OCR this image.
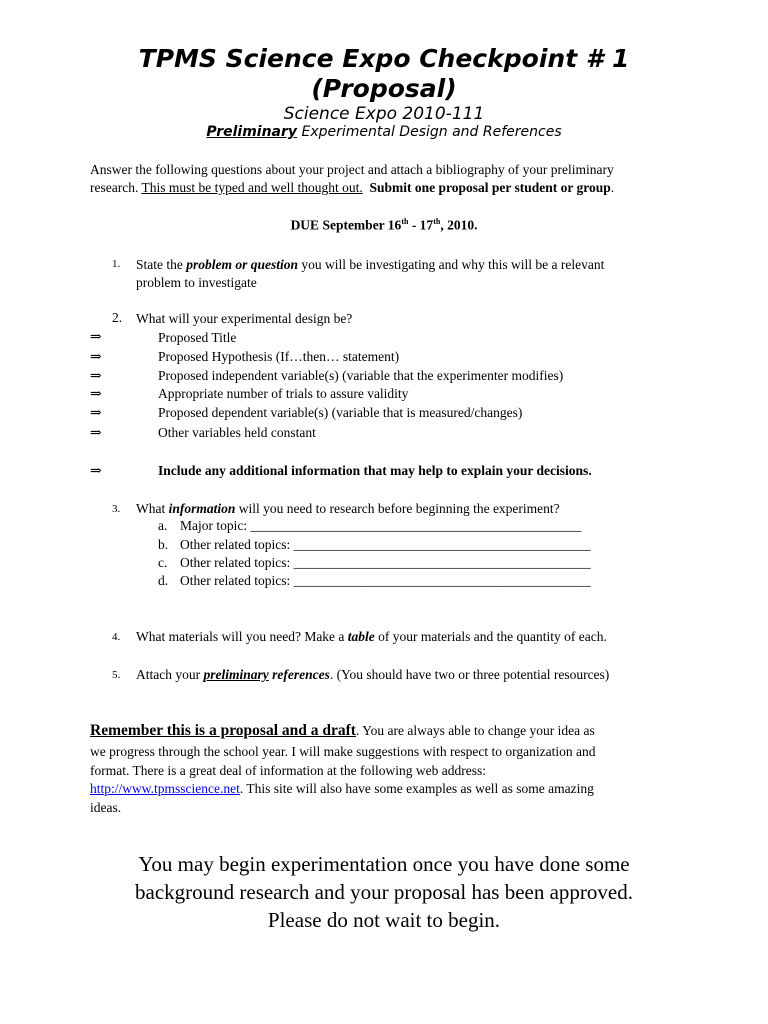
TPMS Science Expo Checkpoint # 1
(Proposal)
Science Expo 2010-111
Preliminary Experimental Design and References
Answer the following questions about your project and attach a bibliography of your preliminary
research. This must be typed and well thought out. Submit one proposal per student or group.
DUE September 16th - 17th, 2010.
1. State the problem or question you will be investigating and why this will be a relevant
problem to investigate
2. What will your experimental design be?
⇒	Proposed Title
⇒	Proposed Hypothesis (If…then… statement)
⇒	Proposed independent variable(s) (variable that the experimenter modifies)
⇒	Appropriate number of trials to assure validity
⇒	Proposed dependent variable(s) (variable that is measured/changes)
⇒	Other variables held constant
⇒	Include any additional information that may help to explain your decisions.
3. What information will you need to research before beginning the experiment?
a. Major topic: _________________________________________________
b. Other related topics: ____________________________________________
c. Other related topics: ____________________________________________
d. Other related topics: ____________________________________________
4. What materials will you need? Make a table of your materials and the quantity of each.
5. Attach your preliminary references. (You should have two or three potential resources)
Remember this is a proposal and a draft. You are always able to change your idea as
we progress through the school year. I will make suggestions with respect to organization and
format. There is a great deal of information at the following web address:
http://www.tpmsscience.net. This site will also have some examples as well as some amazing
ideas.
You may begin experimentation once you have done some
background research and your proposal has been approved.
Please do not wait to begin.
